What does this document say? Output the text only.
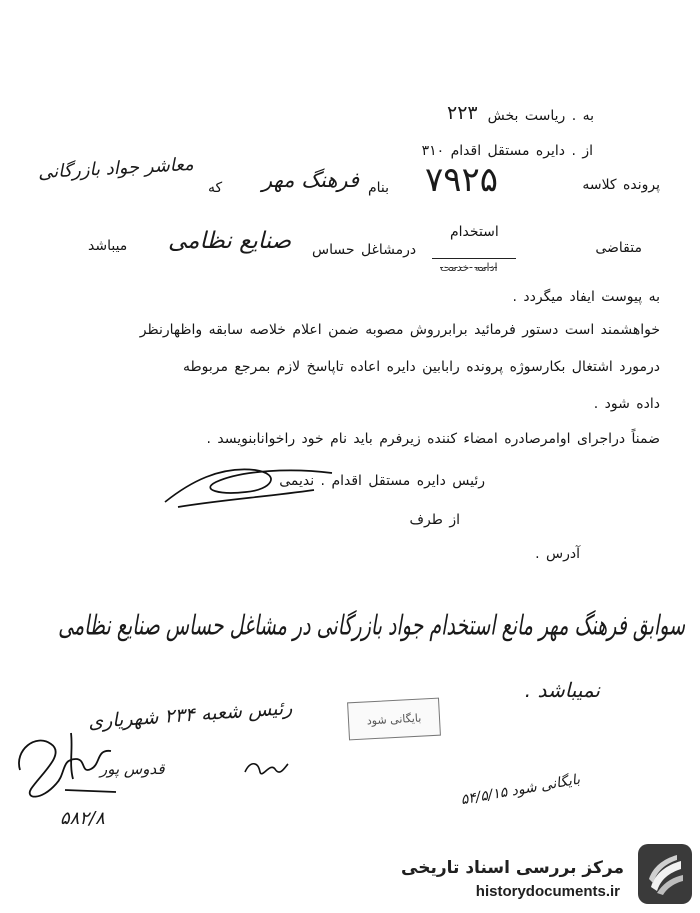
به . ریاست بخش
۲۲۳
از . دایره مستقل اقدام ۳۱۰
پرونده کلاسه
۷۹۲۵
بنام
فرهنگ مهر
که
معاشر جواد بازرگانی
متقاضی
استخدام
ادامه خدمت
درمشاغل حساس
صنایع نظامی
میباشد
به پیوست ایفاد میگردد .
خواهشمند است دستور فرمائید برابرروش مصوبه ضمن اعلام خلاصه سابقه واظهارنظر
درمورد اشتغال بکارسوژه پرونده رابابین دایره اعاده تاپاسخ لازم بمرجع مربوطه
داده شود .
ضمناً دراجرای اوامرصادره امضاء کننده زیرفرم باید نام خود راخوانابنویسد .
رئیس دایره مستقل اقدام . ندیمی
از طرف
آدرس .
سوابق فرهنگ مهر مانع استخدام جواد بازرگانی در مشاغل حساس صنایع نظامی
نمیباشد .
بایگانی شود
رئیس شعبه ۲۳۴ شهریاری
قدوس پور
بایگانی شود ۵۴/۵/۱۵
۵۸۲/۸
مرکز بررسی اسناد تاریخی
historydocuments.ir
